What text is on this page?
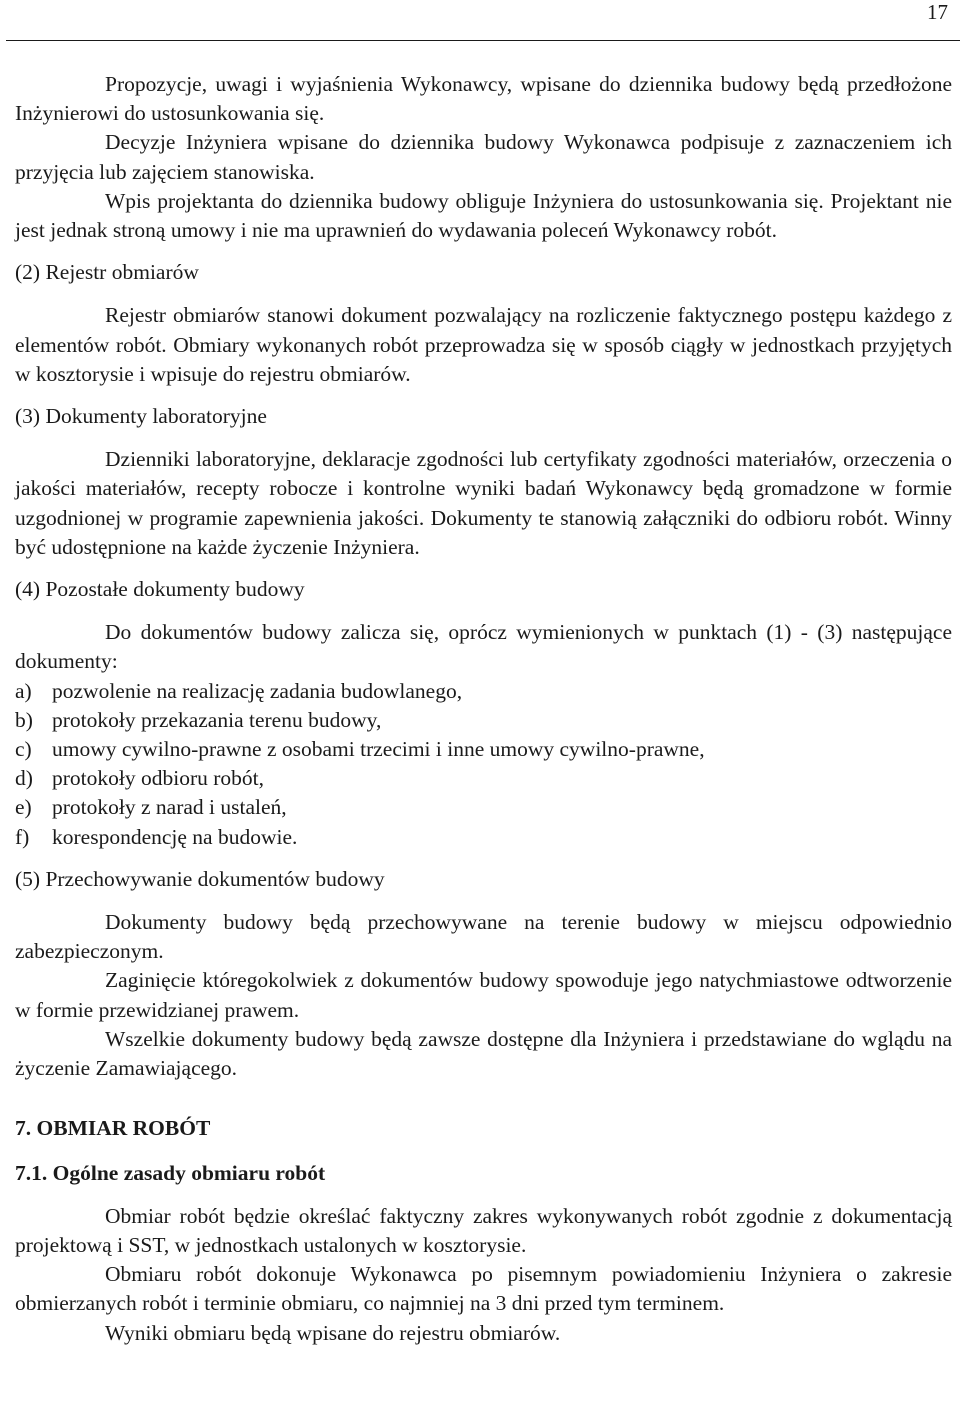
17

Propozycje, uwagi i wyjaśnienia Wykonawcy, wpisane do dziennika budowy będą przedłożone Inżynierowi do ustosunkowania się.

Decyzje Inżyniera wpisane do dziennika budowy Wykonawca podpisuje z zaznaczeniem ich przyjęcia lub zajęciem stanowiska.

Wpis projektanta do dziennika budowy obliguje Inżyniera do ustosunkowania się. Projektant nie jest jednak stroną umowy i nie ma uprawnień do wydawania poleceń Wykonawcy robót.

(2) Rejestr obmiarów

Rejestr obmiarów stanowi dokument pozwalający na rozliczenie faktycznego postępu każdego z elementów robót. Obmiary wykonanych robót przeprowadza się w sposób ciągły w jednostkach przyjętych w kosztorysie i wpisuje do rejestru obmiarów.

(3) Dokumenty laboratoryjne

Dzienniki laboratoryjne, deklaracje zgodności lub certyfikaty zgodności materiałów, orzeczenia o jakości materiałów, recepty robocze i kontrolne wyniki badań Wykonawcy będą gromadzone w formie uzgodnionej w programie zapewnienia jakości. Dokumenty te stanowią załączniki do odbioru robót. Winny być udostępnione na każde życzenie Inżyniera.

(4) Pozostałe dokumenty budowy

Do dokumentów budowy zalicza się, oprócz wymienionych w punktach (1) - (3) następujące dokumenty:

a) pozwolenie na realizację zadania budowlanego,
b) protokoły przekazania terenu budowy,
c) umowy cywilno-prawne z osobami trzecimi i inne umowy cywilno-prawne,
d) protokoły odbioru robót,
e) protokoły z narad i ustaleń,
f) korespondencję na budowie.

(5) Przechowywanie dokumentów budowy

Dokumenty budowy będą przechowywane na terenie budowy w miejscu odpowiednio zabezpieczonym.

Zaginięcie któregokolwiek z dokumentów budowy spowoduje jego natychmiastowe odtworzenie w formie przewidzianej prawem.

Wszelkie dokumenty budowy będą zawsze dostępne dla Inżyniera i przedstawiane do wglądu na życzenie Zamawiającego.

7. OBMIAR ROBÓT

7.1. Ogólne zasady obmiaru robót

Obmiar robót będzie określać faktyczny zakres wykonywanych robót zgodnie z dokumentacją projektową i SST, w jednostkach ustalonych w kosztorysie.

Obmiaru robót dokonuje Wykonawca po pisemnym powiadomieniu Inżyniera o zakresie obmierzanych robót i terminie obmiaru, co najmniej na 3 dni przed tym terminem.

Wyniki obmiaru będą wpisane do rejestru obmiarów.
